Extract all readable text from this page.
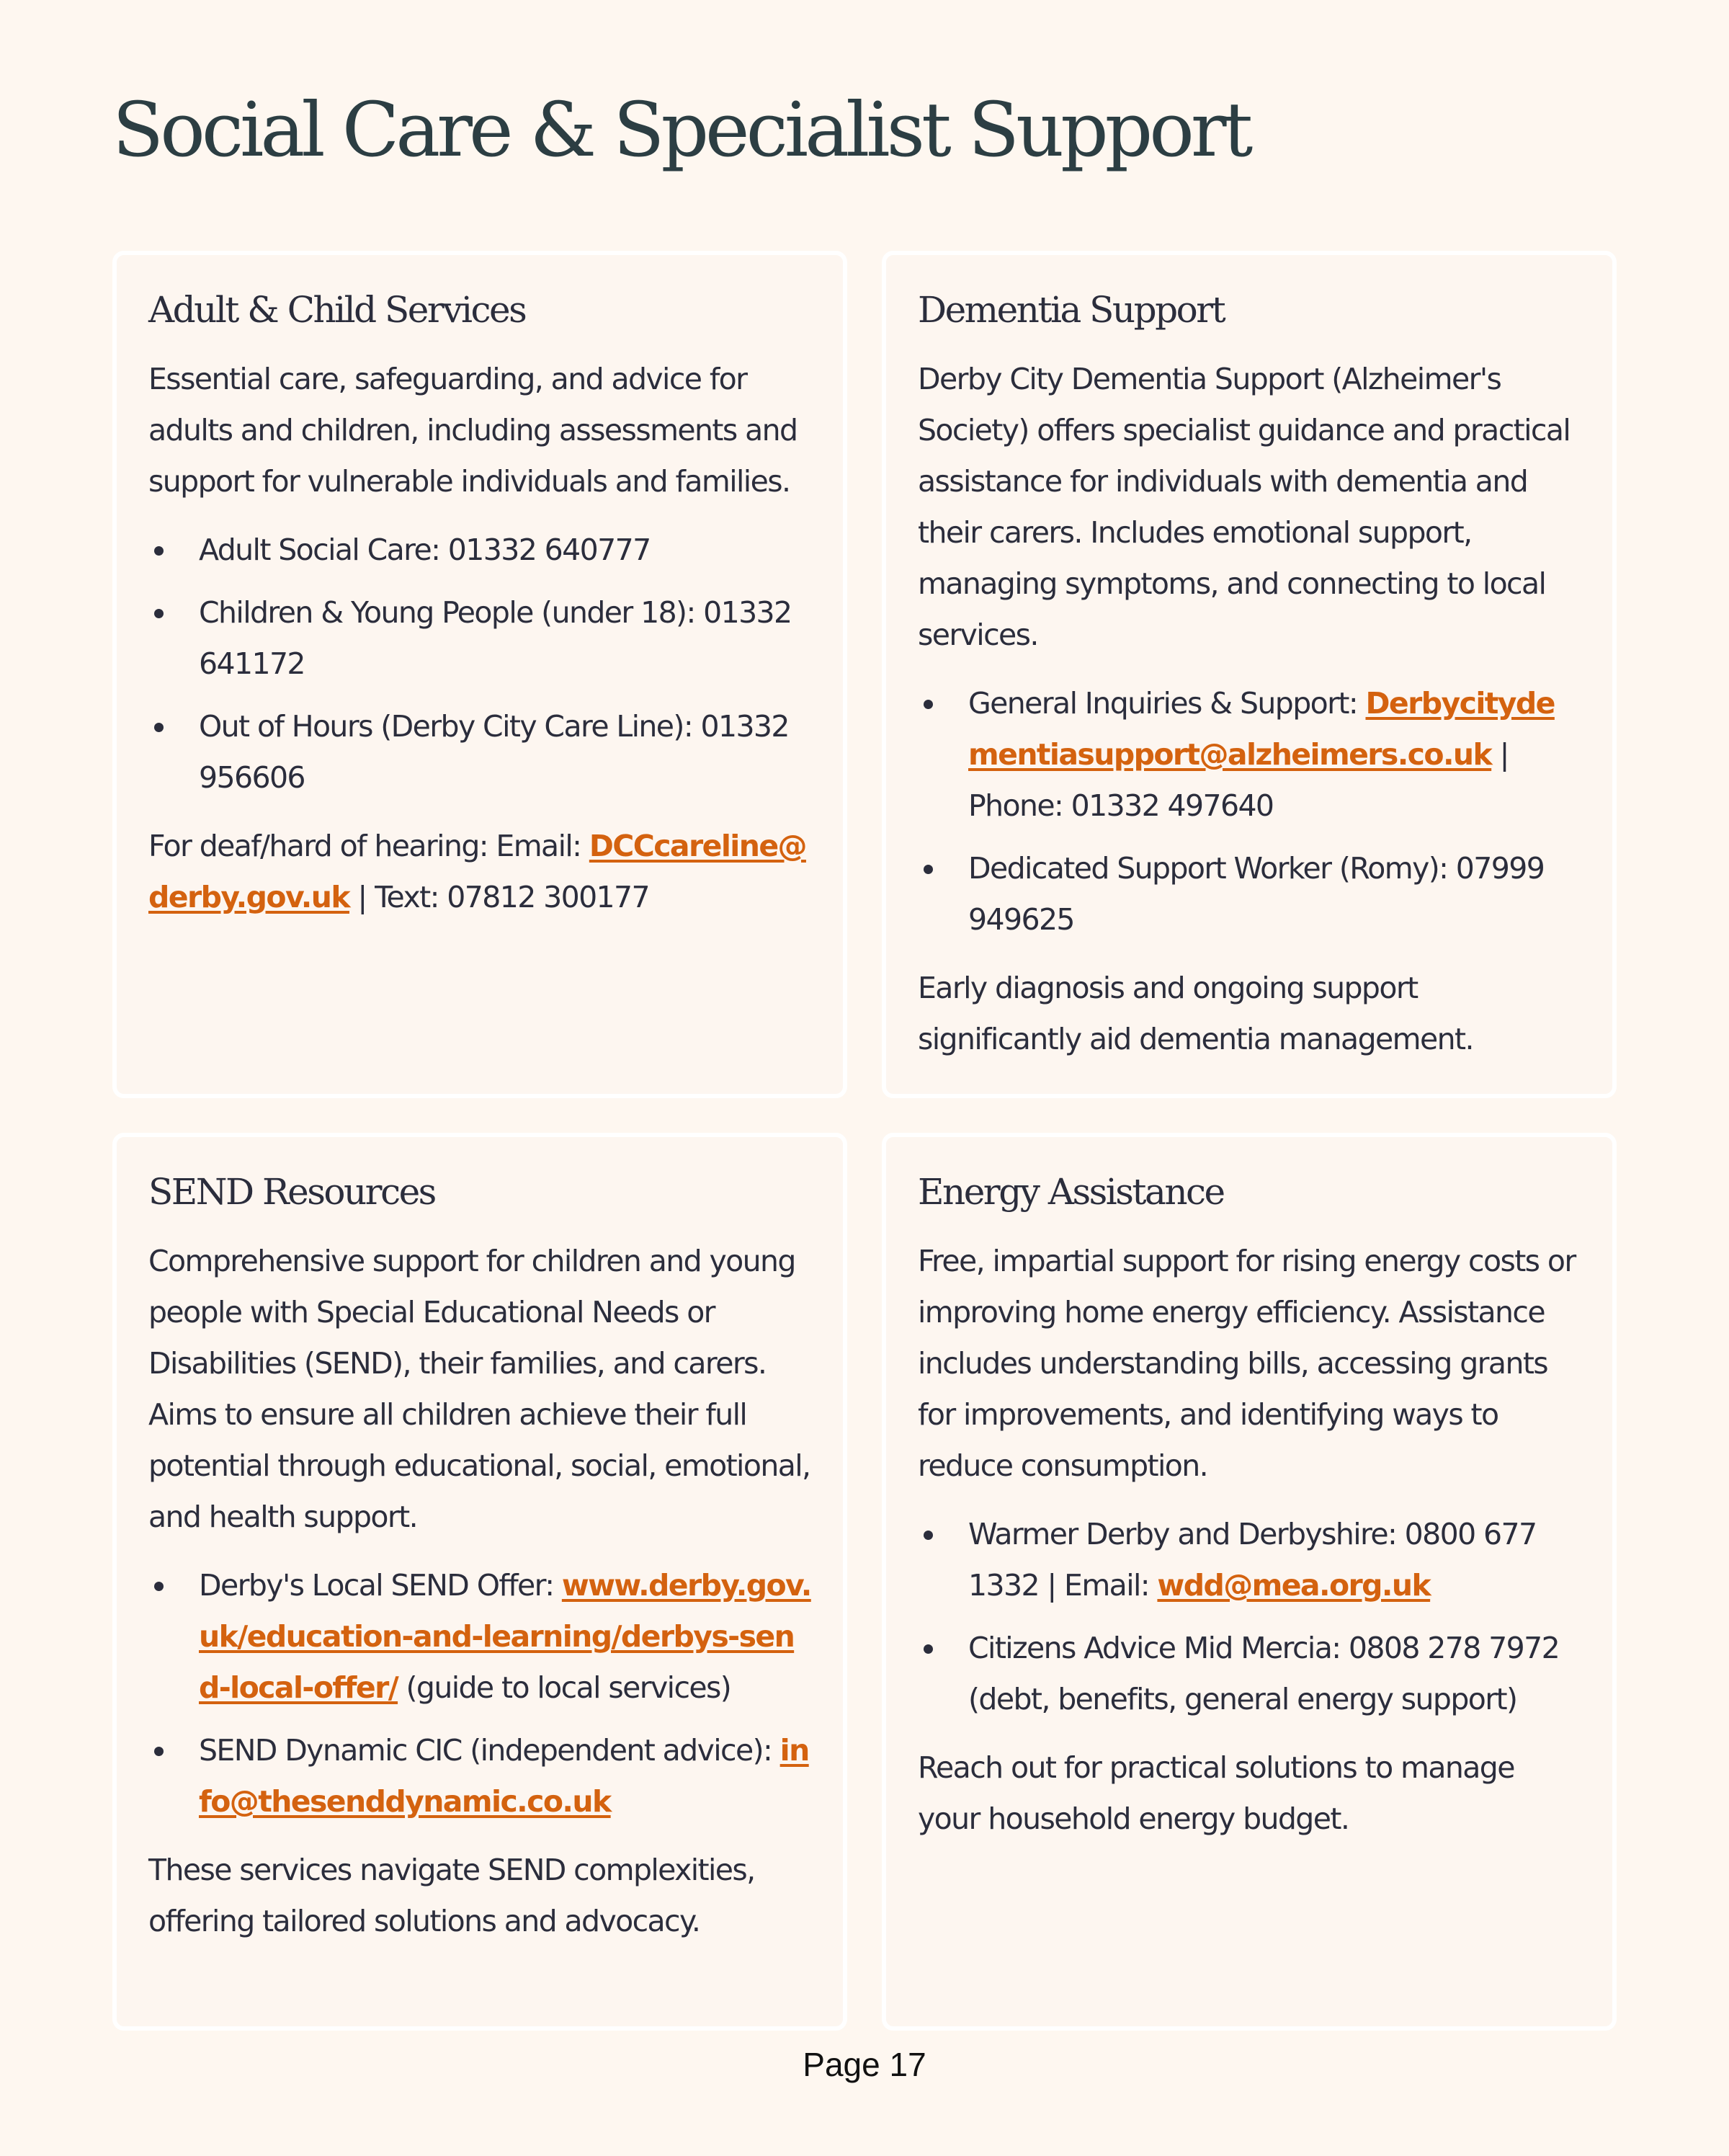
Social Care & Specialist Support
Adult & Child Services

Essential care, safeguarding, and advice for adults and children, including assessments and support for vulnerable individuals and families.

Adult Social Care: 01332 640777
Children & Young People (under 18): 01332 641172
Out of Hours (Derby City Care Line): 01332 956606

For deaf/hard of hearing: Email: DCCcareline@derby.gov.uk | Text: 07812 300177

Dementia Support

Derby City Dementia Support (Alzheimer's Society) offers specialist guidance and practical assistance for individuals with dementia and their carers. Includes emotional support, managing symptoms, and connecting to local services.

General Inquiries & Support: Derbycitydementiasupport@alzheimers.co.uk | Phone: 01332 497640
Dedicated Support Worker (Romy): 07999 949625

Early diagnosis and ongoing support significantly aid dementia management.

SEND Resources

Comprehensive support for children and young people with Special Educational Needs or Disabilities (SEND), their families, and carers. Aims to ensure all children achieve their full potential through educational, social, emotional, and health support.

Derby's Local SEND Offer: www.derby.gov.uk/education-and-learning/derbys-send-local-offer/ (guide to local services)
SEND Dynamic CIC (independent advice): info@thesenddynamic.co.uk

These services navigate SEND complexities, offering tailored solutions and advocacy.

Energy Assistance

Free, impartial support for rising energy costs or improving home energy efficiency. Assistance includes understanding bills, accessing grants for improvements, and identifying ways to reduce consumption.

Warmer Derby and Derbyshire: 0800 677 1332 | Email: wdd@mea.org.uk
Citizens Advice Mid Mercia: 0808 278 7972 (debt, benefits, general energy support)

Reach out for practical solutions to manage your household energy budget.

Page 17
